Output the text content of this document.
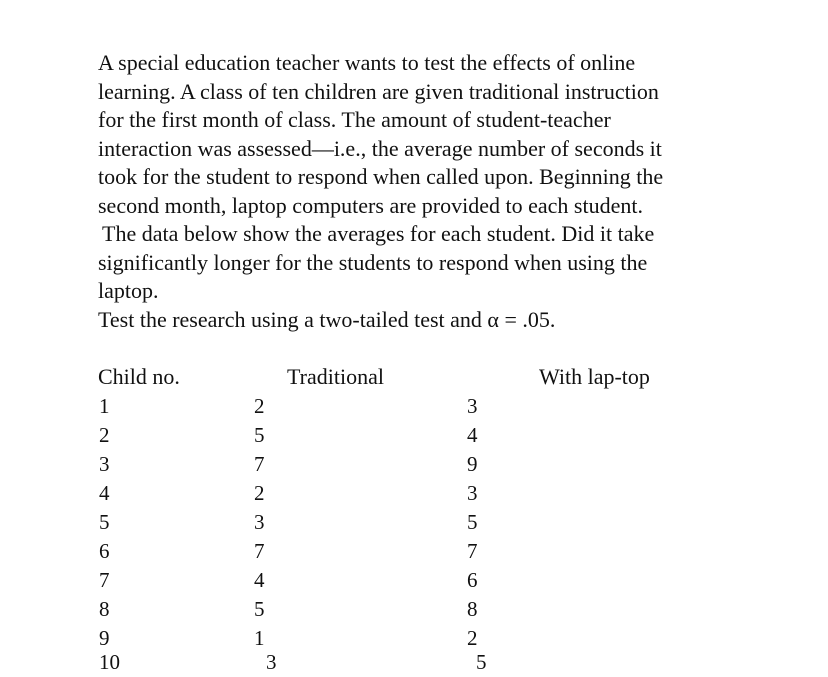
A special education teacher wants to test the effects of online
learning. A class of ten children are given traditional instruction
for the first month of class. The amount of student-teacher
interaction was assessed—i.e., the average number of seconds it
took for the student to respond when called upon. Beginning the
second month, laptop computers are provided to each student.
The data below show the averages for each student. Did it take
significantly longer for the students to respond when using the
laptop.
Test the research using a two-tailed test and α = .05.
Child no.	Traditional	With lap-top
1	2	3
2	5	4
3	7	9
4	2	3
5	3	5
6	7	7
7	4	6
8	5	8
9	1	2
10	3	5
